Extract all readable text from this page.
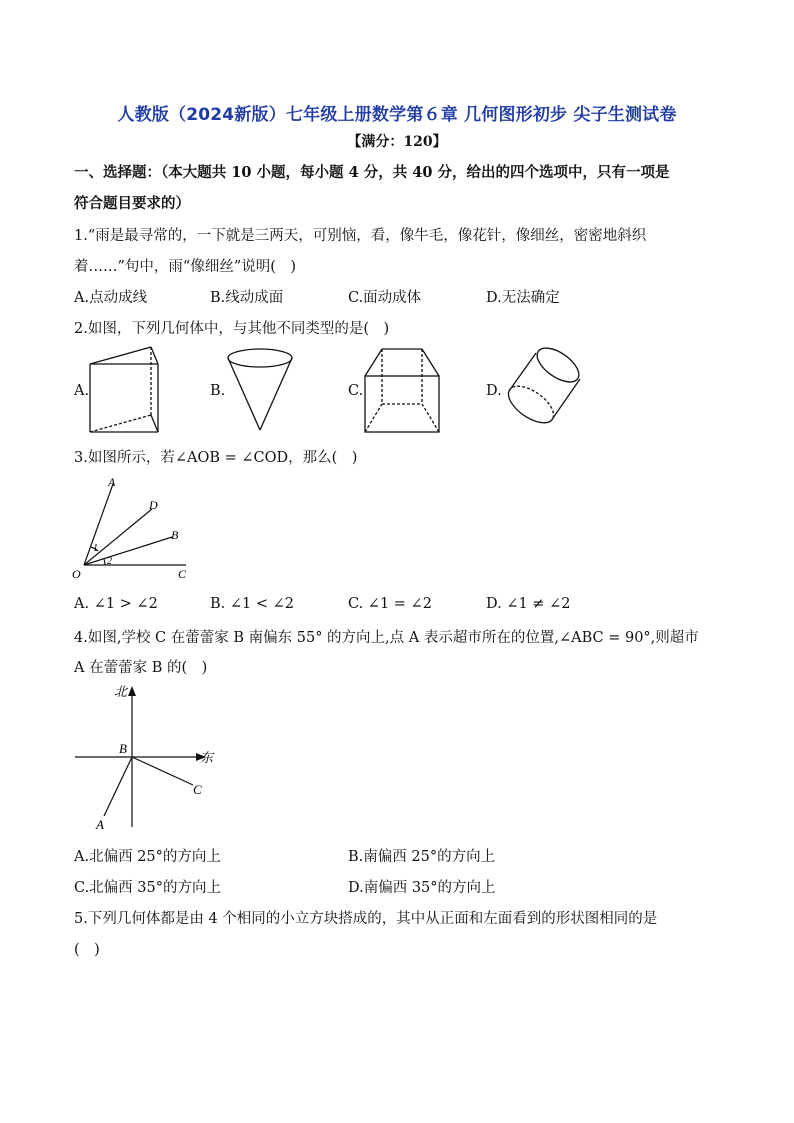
人教版（2024新版）七年级上册数学第６章 几何图形初步 尖子生测试卷
【满分：120】
一、选择题：（本大题共 10 小题，每小题 4 分，共 40 分，给出的四个选项中，只有一项是
符合题目要求的）
1.“雨是最寻常的，一下就是三两天，可别恼，看，像牛毛，像花针，像细丝，密密地斜织
着……”句中，雨“像细丝”说明(　)
A.点动成线	B.线动成面	C.面动成体	D.无法确定
2.如图，下列几何体中，与其他不同类型的是(　)
A.	B.	C.	D.
3.如图所示，若∠AOB = ∠COD，那么(　)
A
D
B
O	C
1
2
A. ∠1 > ∠2	B. ∠1 < ∠2	C. ∠1 = ∠2	D. ∠1 ≠ ∠2
4.如图,学校 C 在蕾蕾家 B 南偏东 55° 的方向上,点 A 表示超市所在的位置,∠ABC = 90°,则超市
A 在蕾蕾家 B 的(　)
北
东
B
C
A
A.北偏西 25°的方向上	B.南偏西 25°的方向上
C.北偏西 35°的方向上	D.南偏西 35°的方向上
5.下列几何体都是由 4 个相同的小立方块搭成的，其中从正面和左面看到的形状图相同的是
(　)
